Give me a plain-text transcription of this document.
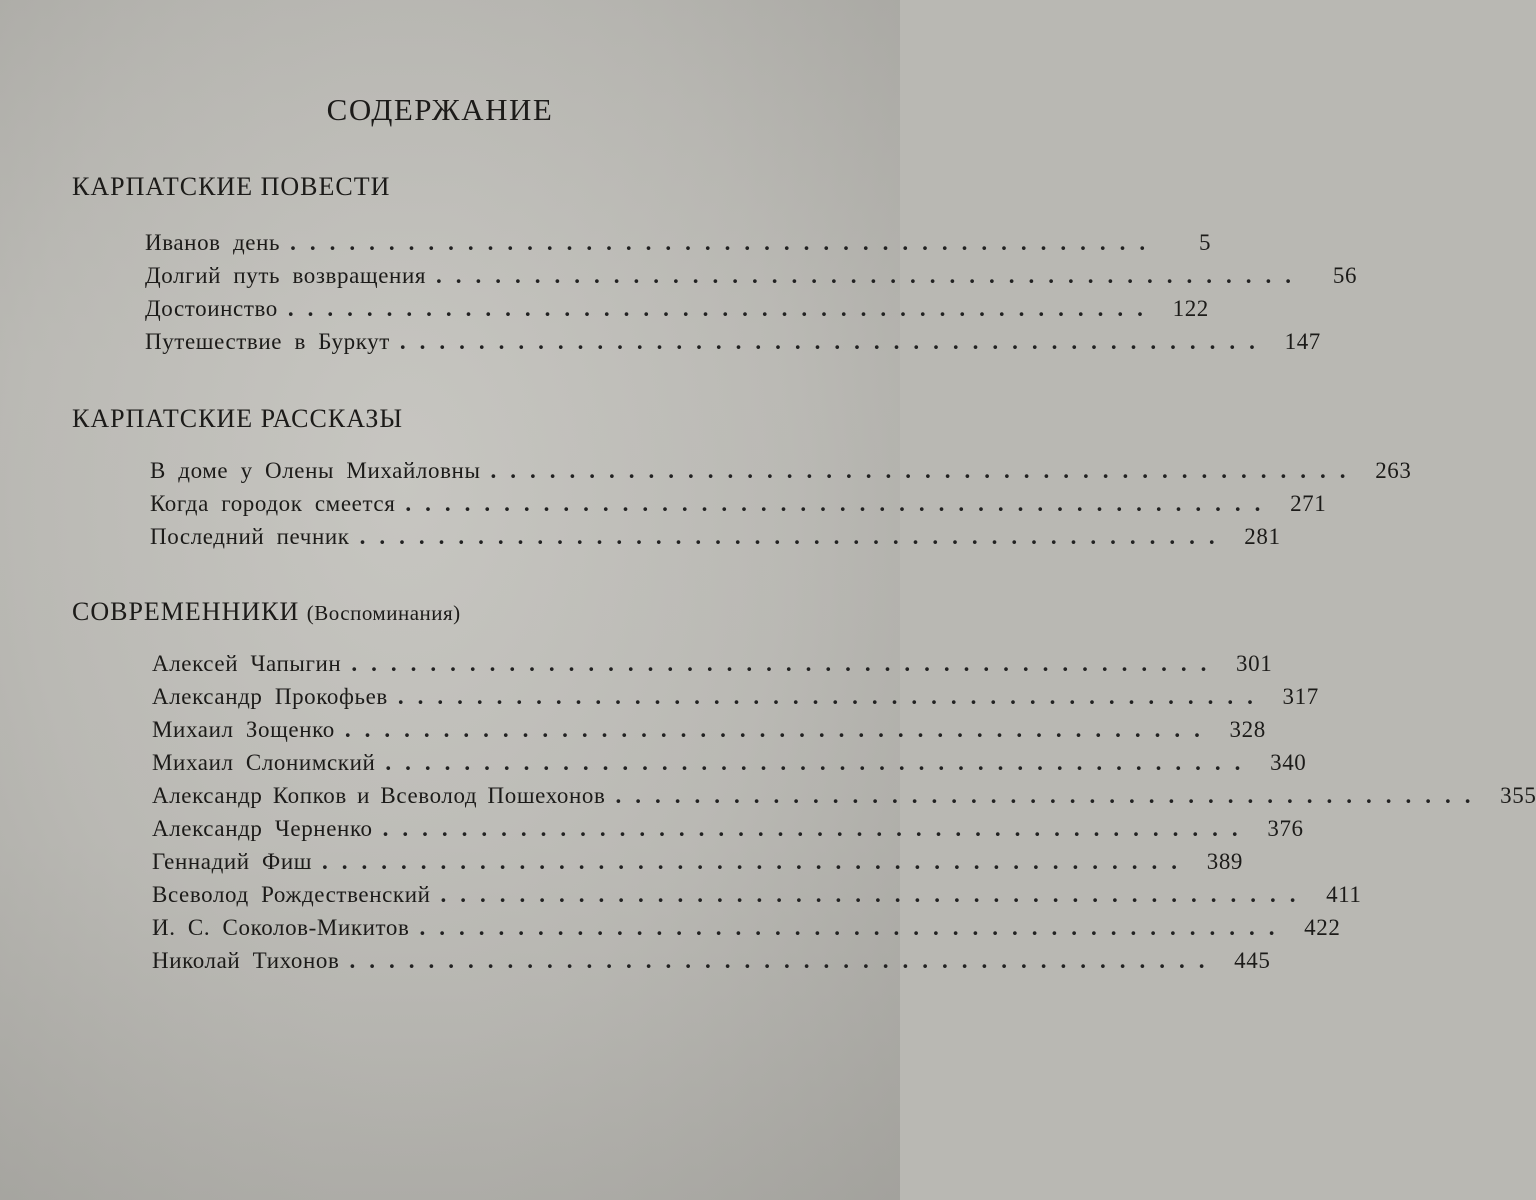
СОДЕРЖАНИЕ
КАРПАТСКИЕ ПОВЕСТИ
Иванов день ............................................	5
Долгий путь возвращения ............................................	56
Достоинство ............................................ 122
Путешествие в Буркут ............................................ 147
КАРПАТСКИЕ РАССКАЗЫ
В доме у Олены Михайловны ............................................ 263
Когда городок смеется ............................................ 271
Последний печник ............................................ 281
СОВРЕМЕННИКИ (Воспоминания)
Алексей Чапыгин ............................................ 301
Александр Прокофьев ............................................ 317
Михаил Зощенко ............................................ 328
Михаил Слонимский ............................................ 340
Александр Копков и Всеволод Пошехонов ............................................ 355
Александр Черненко ............................................ 376
Геннадий Фиш ............................................ 389
Всеволод Рождественский ............................................ 411
И. С. Соколов-Микитов ............................................ 422
Николай Тихонов ............................................ 445
